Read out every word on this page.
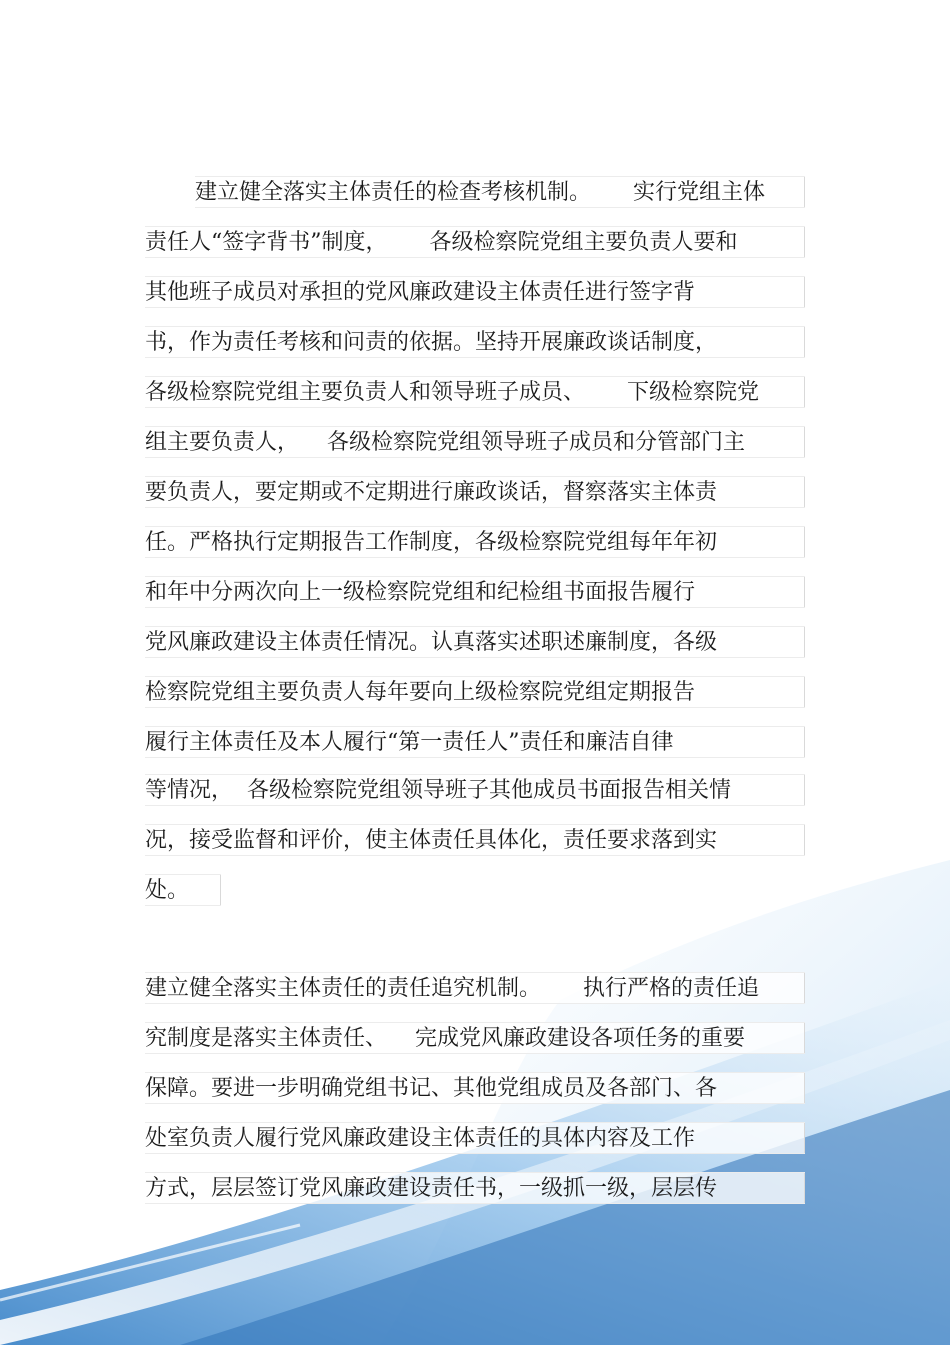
建立健全落实主体责任的检查考核机制。      实行党组主体
责任人“签字背书”制度，      各级检察院党组主要负责人要和
其他班子成员对承担的党风廉政建设主体责任进行签字背
书，作为责任考核和问责的依据。坚持开展廉政谈话制度，
各级检察院党组主要负责人和领导班子成员、      下级检察院党
组主要负责人，    各级检察院党组领导班子成员和分管部门主
要负责人，要定期或不定期进行廉政谈话，督察落实主体责
任。严格执行定期报告工作制度，各级检察院党组每年年初
和年中分两次向上一级检察院党组和纪检组书面报告履行
党风廉政建设主体责任情况。认真落实述职述廉制度，各级
检察院党组主要负责人每年要向上级检察院党组定期报告
履行主体责任及本人履行“第一责任人”责任和廉洁自律
等情况，  各级检察院党组领导班子其他成员书面报告相关情
况，接受监督和评价，使主体责任具体化，责任要求落到实
处。
建立健全落实主体责任的责任追究机制。      执行严格的责任追
究制度是落实主体责任、    完成党风廉政建设各项任务的重要
保障。要进一步明确党组书记、其他党组成员及各部门、各
处室负责人履行党风廉政建设主体责任的具体内容及工作
方式，层层签订党风廉政建设责任书，一级抓一级，层层传
